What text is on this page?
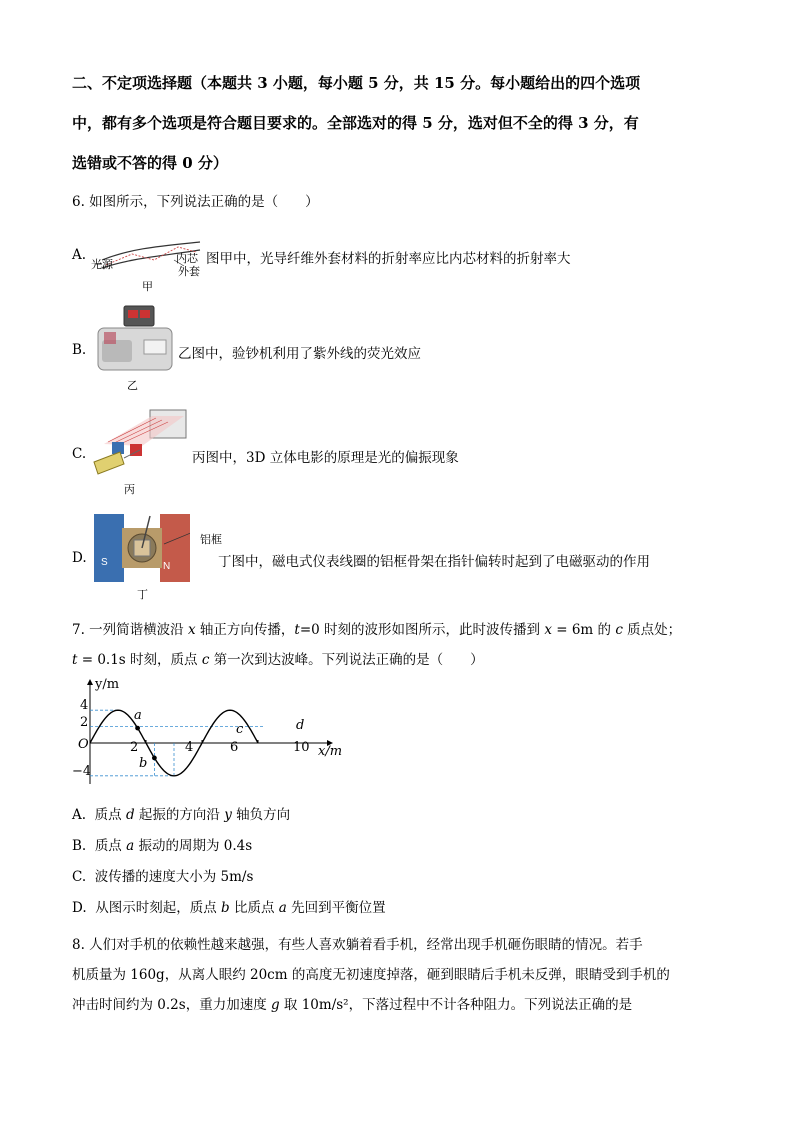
二、不定项选择题（本题共 3 小题，每小题 5 分，共 15 分。每小题给出的四个选项
中，都有多个选项是符合题目要求的。全部选对的得 5 分，选对但不全的得 3 分，有
选错或不答的得 0 分）
6. 如图所示，下列说法正确的是（　　）
A.
光源	内芯
外套
甲
图甲中，光导纤维外套材料的折射率应比内芯材料的折射率大
B.
乙
乙图中，验钞机利用了紫外线的荧光效应
C.
丙
丙图中，3D 立体电影的原理是光的偏振现象
D. S	N
铝框
丁
丁图中，磁电式仪表线圈的铝框骨架在指针偏转时起到了电磁驱动的作用
7. 一列简谐横波沿 x 轴正方向传播，t=0 时刻的波形如图所示，此时波传播到 x = 6m 的 c 质点处；
t = 0.1s 时刻，质点 c 第一次到达波峰。下列说法正确的是（　　）
y/m
x/m
O
4
2
−4
2	4	6	10
a
b
c	d
A. 质点 d 起振的方向沿 y 轴负方向
B. 质点 a 振动的周期为 0.4s
C. 波传播的速度大小为 5m/s
D. 从图示时刻起，质点 b 比质点 a 先回到平衡位置
8. 人们对手机的依赖性越来越强，有些人喜欢躺着看手机，经常出现手机砸伤眼睛的情况。若手
机质量为 160g，从离人眼约 20cm 的高度无初速度掉落，砸到眼睛后手机未反弹，眼睛受到手机的
冲击时间约为 0.2s，重力加速度 g 取 10m/s²，下落过程中不计各种阻力。下列说法正确的是
